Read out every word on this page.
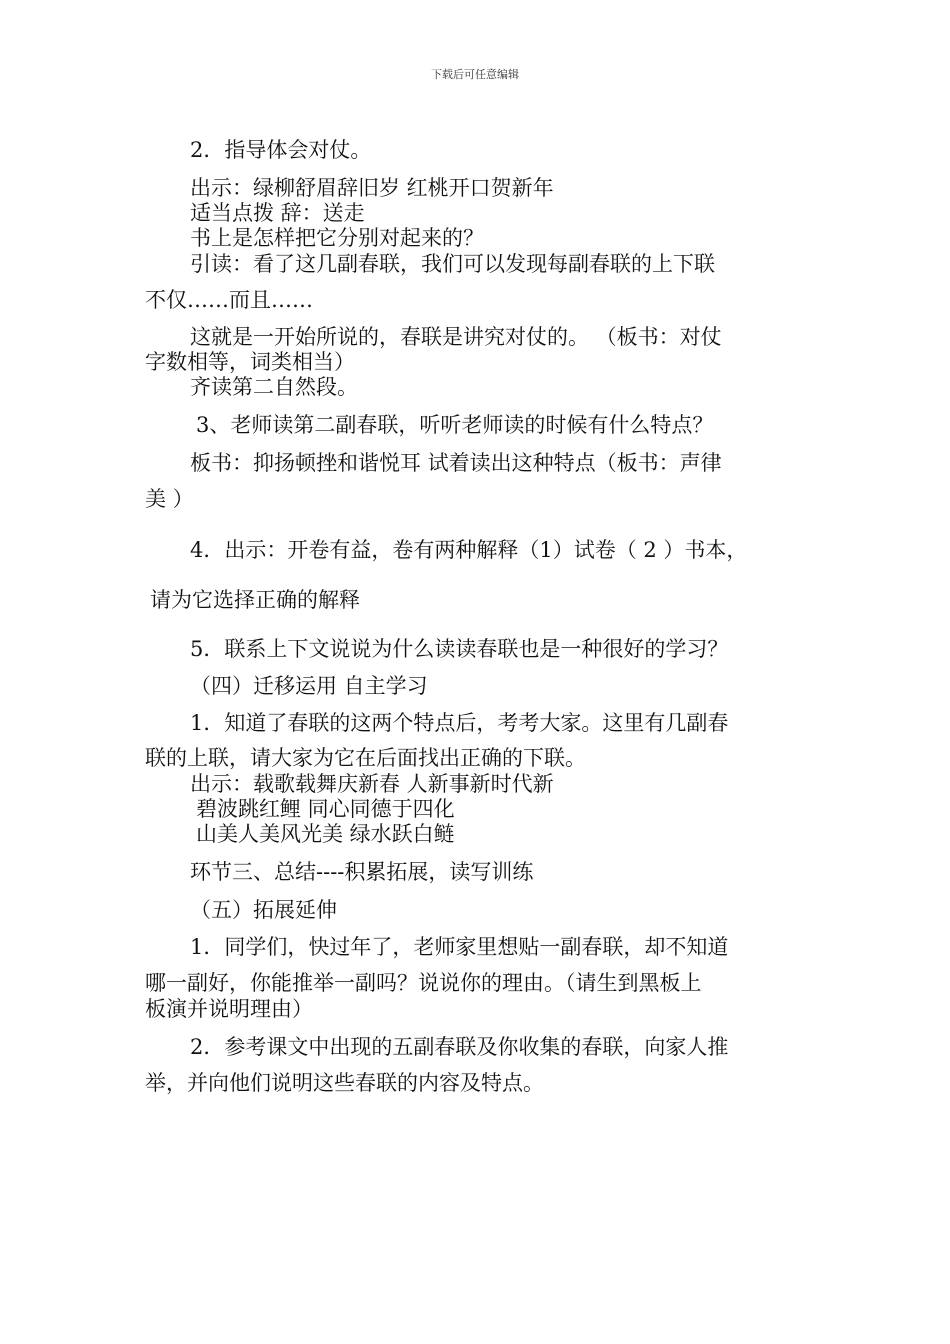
下载后可任意编辑
2．指导体会对仗。
出示：绿柳舒眉辞旧岁 红桃开口贺新年
适当点拨 辞：送走
书上是怎样把它分别对起来的？
引读：看了这几副春联，我们可以发现每副春联的上下联
不仅……而且……
这就是一开始所说的，春联是讲究对仗的。 （板书：对仗
字数相等，词类相当）
齐读第二自然段。
3、老师读第二副春联，听听老师读的时候有什么特点？
板书：抑扬顿挫和谐悦耳 试着读出这种特点（板书：声律
美 ）
4．出示：开卷有益，卷有两种解释（1）试卷（ 2 ）书本，
请为它选择正确的解释
5．联系上下文说说为什么读读春联也是一种很好的学习？
（四）迁移运用 自主学习
1．知道了春联的这两个特点后，考考大家。这里有几副春
联的上联，请大家为它在后面找出正确的下联。
出示：载歌载舞庆新春 人新事新时代新
碧波跳红鲤 同心同德于四化
山美人美风光美 绿水跃白鲢
环节三、总结----积累拓展，读写训练
（五）拓展延伸
1．同学们，快过年了，老师家里想贴一副春联，却不知道
哪一副好，你能推举一副吗？说说你的理由。（请生到黑板上
板演并说明理由）
2．参考课文中出现的五副春联及你收集的春联，向家人推
举，并向他们说明这些春联的内容及特点。
